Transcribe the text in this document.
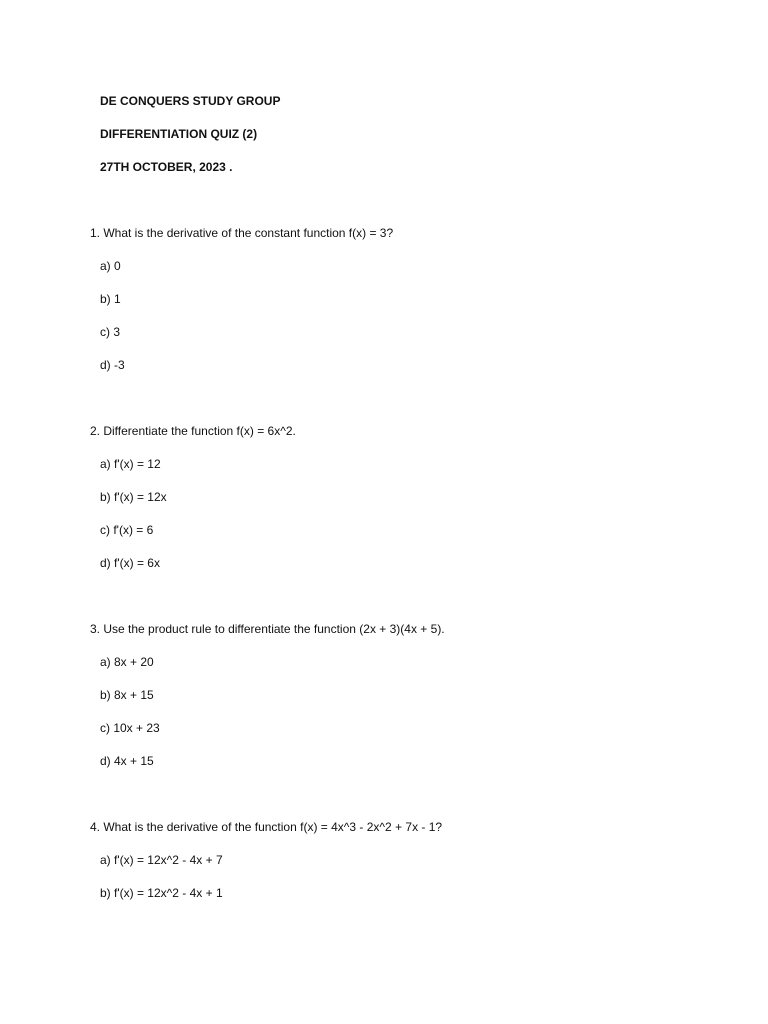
DE CONQUERS STUDY GROUP
DIFFERENTIATION QUIZ (2)
27TH OCTOBER, 2023 .
1. What is the derivative of the constant function f(x) = 3?
a) 0
b) 1
c) 3
d) -3
2. Differentiate the function f(x) = 6x^2.
a) f'(x) = 12
b) f'(x) = 12x
c) f'(x) = 6
d) f'(x) = 6x
3. Use the product rule to differentiate the function (2x + 3)(4x + 5).
a) 8x + 20
b) 8x + 15
c) 10x + 23
d) 4x + 15
4. What is the derivative of the function f(x) = 4x^3 - 2x^2 + 7x - 1?
a) f'(x) = 12x^2 - 4x + 7
b) f'(x) = 12x^2 - 4x + 1
